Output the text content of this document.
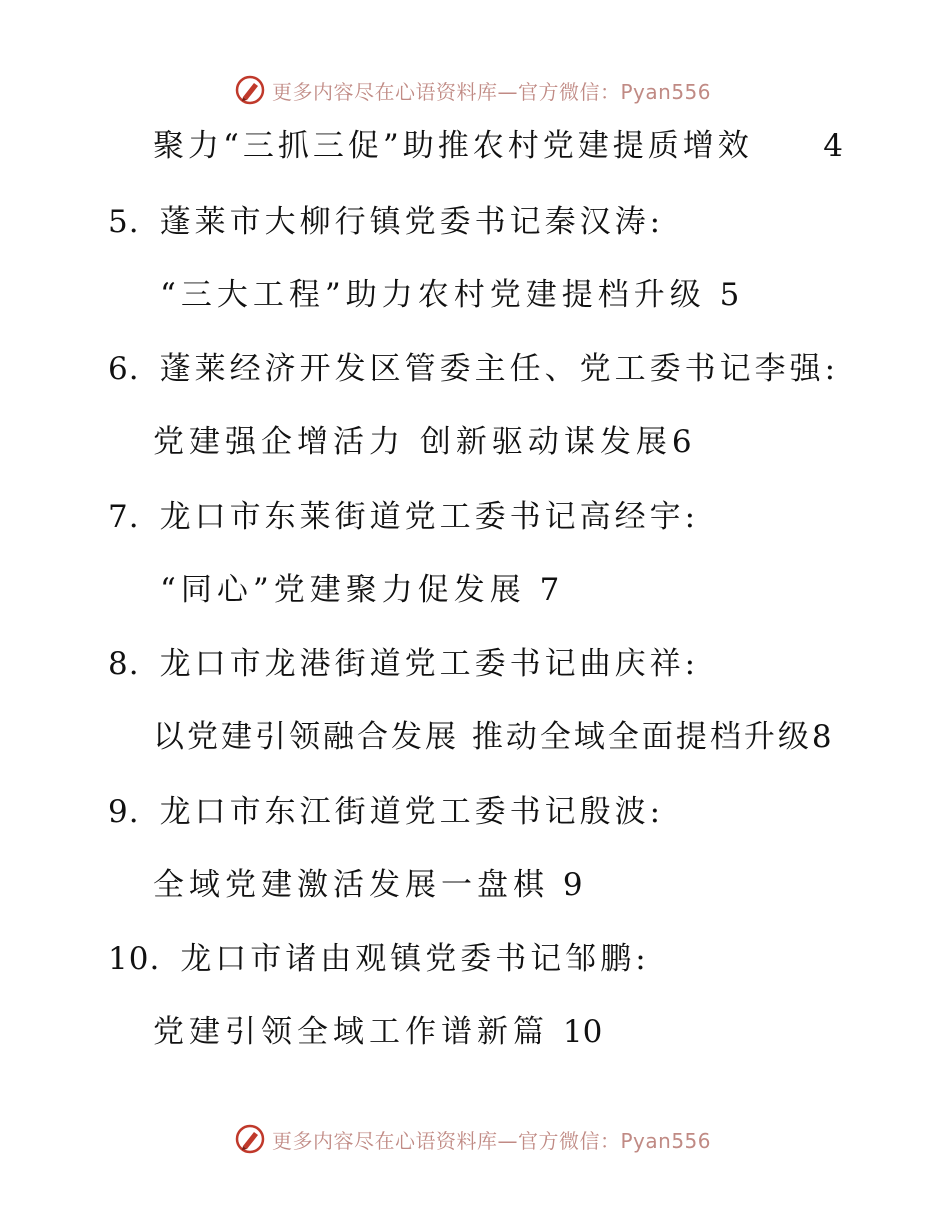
更多内容尽在心语资料库—官方微信：Pyan556
聚力“三抓三促”助推农村党建提质增效 4
5. 蓬莱市大柳行镇党委书记秦汉涛:
“三大工程”助力农村党建提档升级 5
6. 蓬莱经济开发区管委主任、党工委书记李强:
党建强企增活力 创新驱动谋发展6
7. 龙口市东莱街道党工委书记高经宇:
“同心”党建聚力促发展 7
8. 龙口市龙港街道党工委书记曲庆祥:
以党建引领融合发展 推动全域全面提档升级8
9. 龙口市东江街道党工委书记殷波:
全域党建激活发展一盘棋 9
10. 龙口市诸由观镇党委书记邹鹏:
党建引领全域工作谱新篇 10
更多内容尽在心语资料库—官方微信：Pyan556
